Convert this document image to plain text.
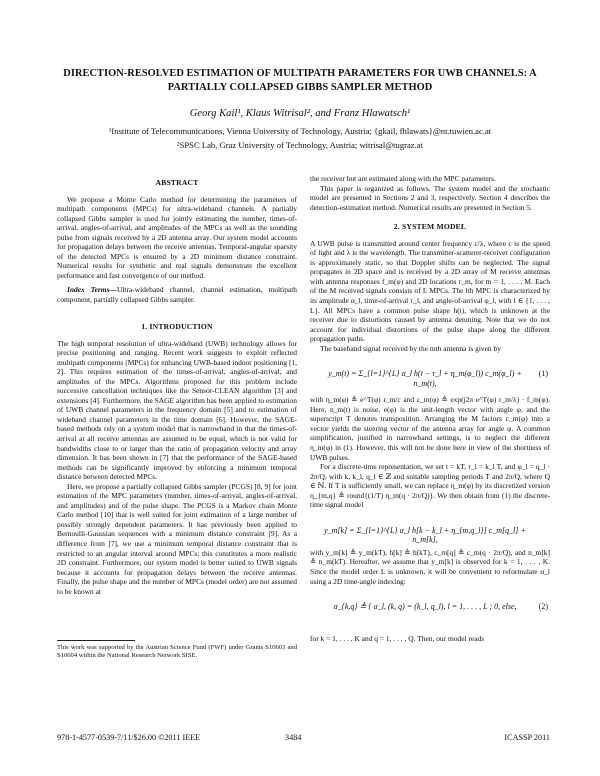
DIRECTION-RESOLVED ESTIMATION OF MULTIPATH PARAMETERS FOR UWB CHANNELS: A PARTIALLY COLLAPSED GIBBS SAMPLER METHOD
Georg Kail¹, Klaus Witrisal², and Franz Hlawatsch¹
¹Institute of Telecommunications, Vienna University of Technology, Austria; {gkail, fhlawats}@nt.tuwien.ac.at
²SPSC Lab, Graz University of Technology, Austria; witrisal@tugraz.at
ABSTRACT

We propose a Monte Carlo method for determining the parameters of multipath components (MPCs) for ultra-wideband channels. A partially collapsed Gibbs sampler is used for jointly estimating the number, times-of-arrival, angles-of-arrival, and amplitudes of the MPCs as well as the sounding pulse from signals received by a 2D antenna array. Our system model accounts for propagation delays between the receive antennas. Temporal-angular sparsity of the detected MPCs is ensured by a 2D minimum distance constraint. Numerical results for synthetic and real signals demonstrate the excellent performance and fast convergence of our method.

Index Terms—Ultra-wideband channel, channel estimation, multipath component, partially collapsed Gibbs sampler.

1. INTRODUCTION

The high temporal resolution of ultra-wideband (UWB) technology allows for precise positioning and ranging. Recent work suggests to exploit reflected multipath components (MPCs) for enhancing UWB-based indoor positioning [1, 2]. This requires estimation of the times-of-arrival, angles-of-arrival, and amplitudes of the MPCs. Algorithms proposed for this problem include successive cancellation techniques like the Sensor-CLEAN algorithm [3] and extensions [4]. Furthermore, the SAGE algorithm has been applied to estimation of UWB channel parameters in the frequency domain [5] and to estimation of wideband channel parameters in the time domain [6]. However, the SAGE-based methods rely on a system model that is narrowband in that the times-of-arrival at all receive antennas are assumed to be equal, which is not valid for bandwidths close to or larger than the ratio of propagation velocity and array dimension. It has been shown in [7] that the performance of the SAGE-based methods can be significantly improved by enforcing a minimum temporal distance between detected MPCs.

Here, we propose a partially collapsed Gibbs sampler (PCGS) [8, 9] for joint estimation of the MPC parameters (number, times-of-arrival, angles-of-arrival, and amplitudes) and of the pulse shape. The PCGS is a Markov chain Monte Carlo method [10] that is well suited for joint estimation of a large number of possibly strongly dependent parameters. It has previously been applied to Bernoulli-Gaussian sequences with a minimum distance constraint [9]. As a difference from [7], we use a minimum temporal distance constraint that is restricted to an angular interval around MPCs; this constitutes a more realistic 2D constraint. Furthermore, our system model is better suited to UWB signals because it accounts for propagation delays between the receive antennas. Finally, the pulse shape and the number of MPCs (model order) are not assumed to be known at

This work was supported by the Austrian Science Fund (FWF) under Grants S10603 and S10604 within the National Research Network SISE.

the receiver but are estimated along with the MPC parameters.

This paper is organized as follows. The system model and the stochastic model are presented in Sections 2 and 3, respectively. Section 4 describes the detection-estimation method. Numerical results are presented in Section 5.

2. SYSTEM MODEL

A UWB pulse is transmitted around center frequency c/λ, where c is the speed of light and λ is the wavelength. The transmitter-scatterer-receiver configuration is approximately static, so that Doppler shifts can be neglected. The signal propagates in 2D space and is received by a 2D array of M receive antennas with antenna responses f_m(φ) and 2D locations r_m, for m = 1, . . . , M. Each of the M received signals consists of L MPCs. The lth MPC is characterized by its amplitude α_l, time-of-arrival τ_l, and angle-of-arrival φ_l, with l ∈ {1, . . . , L}. All MPCs have a common pulse shape h(t), which is unknown at the receiver due to distortions caused by antenna detuning. Note that we do not account for individual distortions of the pulse shape along the different propagation paths.

The baseband signal received by the mth antenna is given by

y_m(t) = Σ_{l=1}^{L} α_l h(t − τ_l + η_m(φ_l)) c_m(φ_l) + n_m(t),
(1)

with η_m(φ) ≜ e^T(φ) r_m/c and c_m(φ) ≜ exp(j2π e^T(φ) r_m/λ) · f_m(φ). Here, n_m(t) is noise, e(φ) is the unit-length vector with angle φ, and the superscript T denotes transposition. Arranging the M factors c_m(φ) into a vector yields the steering vector of the antenna array for angle φ. A common simplification, justified in narrowband settings, is to neglect the different η_m(φ) in (1). However, this will not be done here in view of the shortness of UWB pulses.

For a discrete-time representation, we set t = kT, τ_l = k_l T, and φ_l = q_l · 2π/Q, with k, k_l, q_l ∈ ℤ and suitable sampling periods T and 2π/Q, where Q ∈ ℕ. If T is sufficiently small, we can replace η_m(φ) by its discretized version η_{m,q} ≜ round{(1/T) η_m(q · 2π/Q)}. We then obtain from (1) the discrete-time signal model

y_m[k] = Σ_{l=1}^{L} α_l h[k − k_l + η_{m,q_l}] c_m[q_l] + n_m[k],

with y_m[k] ≜ y_m(kT), h[k] ≜ h(kT), c_m[q] ≜ c_m(q · 2π/Q), and n_m[k] ≜ n_m(kT). Hereafter, we assume that y_m[k] is observed for k = 1, . . . , K. Since the model order L is unknown, it will be convenient to reformulate α_l using a 2D time-angle indexing:

α_{k,q} ≜ { α_l, (k, q) = (k_l, q_l), l = 1, . . . , L ; 0, else,	(2)

for k = 1, . . . , K and q = 1, . . . , Q. Then, our model reads

978-1-4577-0539-7/11/$26.00 ©2011 IEEE	3484	ICASSP 2011
